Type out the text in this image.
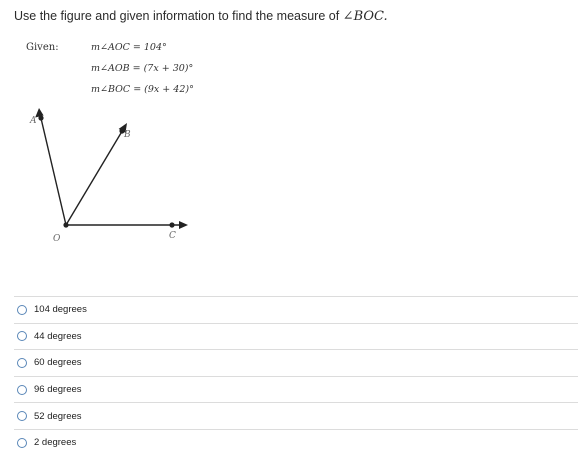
Use the figure and given information to find the measure of ∠BOC.
Given:	m∠AOC = 104°
m∠AOB = (7x + 30)°
m∠BOC = (9x + 42)°
A
B
O	C
104 degrees
44 degrees
60 degrees
96 degrees
52 degrees
2 degrees
